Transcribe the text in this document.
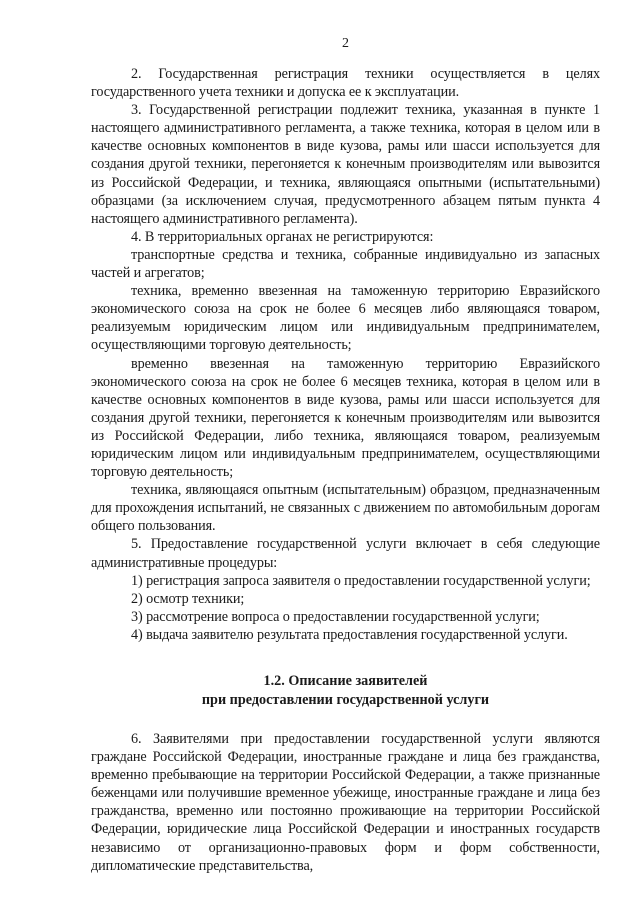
2

2. Государственная регистрация техники осуществляется в целях государственного учета техники и допуска ее к эксплуатации.

3. Государственной регистрации подлежит техника, указанная в пункте 1 настоящего административного регламента, а также техника, которая в целом или в качестве основных компонентов в виде кузова, рамы или шасси используется для создания другой техники, перегоняется к конечным производителям или вывозится из Российской Федерации, и техника, являющаяся опытными (испытательными) образцами (за исключением случая, предусмотренного абзацем пятым пункта 4 настоящего административного регламента).

4. В территориальных органах не регистрируются:

транспортные средства и техника, собранные индивидуально из запасных частей и агрегатов;

техника, временно ввезенная на таможенную территорию Евразийского экономического союза на срок не более 6 месяцев либо являющаяся товаром, реализуемым юридическим лицом или индивидуальным предпринимателем, осуществляющими торговую деятельность;

временно ввезенная на таможенную территорию Евразийского экономического союза на срок не более 6 месяцев техника, которая в целом или в качестве основных компонентов в виде кузова, рамы или шасси используется для создания другой техники, перегоняется к конечным производителям или вывозится из Российской Федерации, либо техника, являющаяся товаром, реализуемым юридическим лицом или индивидуальным предпринимателем, осуществляющими торговую деятельность;

техника, являющаяся опытным (испытательным) образцом, предназначенным для прохождения испытаний, не связанных с движением по автомобильным дорогам общего пользования.

5. Предоставление государственной услуги включает в себя следующие административные процедуры:

1) регистрация запроса заявителя о предоставлении государственной услуги;

2) осмотр техники;

3) рассмотрение вопроса о предоставлении государственной услуги;

4) выдача заявителю результата предоставления государственной услуги.

1.2. Описание заявителей
при предоставлении государственной услуги

6. Заявителями при предоставлении государственной услуги являются граждане Российской Федерации, иностранные граждане и лица без гражданства, временно пребывающие на территории Российской Федерации, а также признанные беженцами или получившие временное убежище, иностранные граждане и лица без гражданства, временно или постоянно проживающие на территории Российской Федерации, юридические лица Российской Федерации и иностранных государств независимо от организационно-правовых форм и форм собственности, дипломатические представительства,
